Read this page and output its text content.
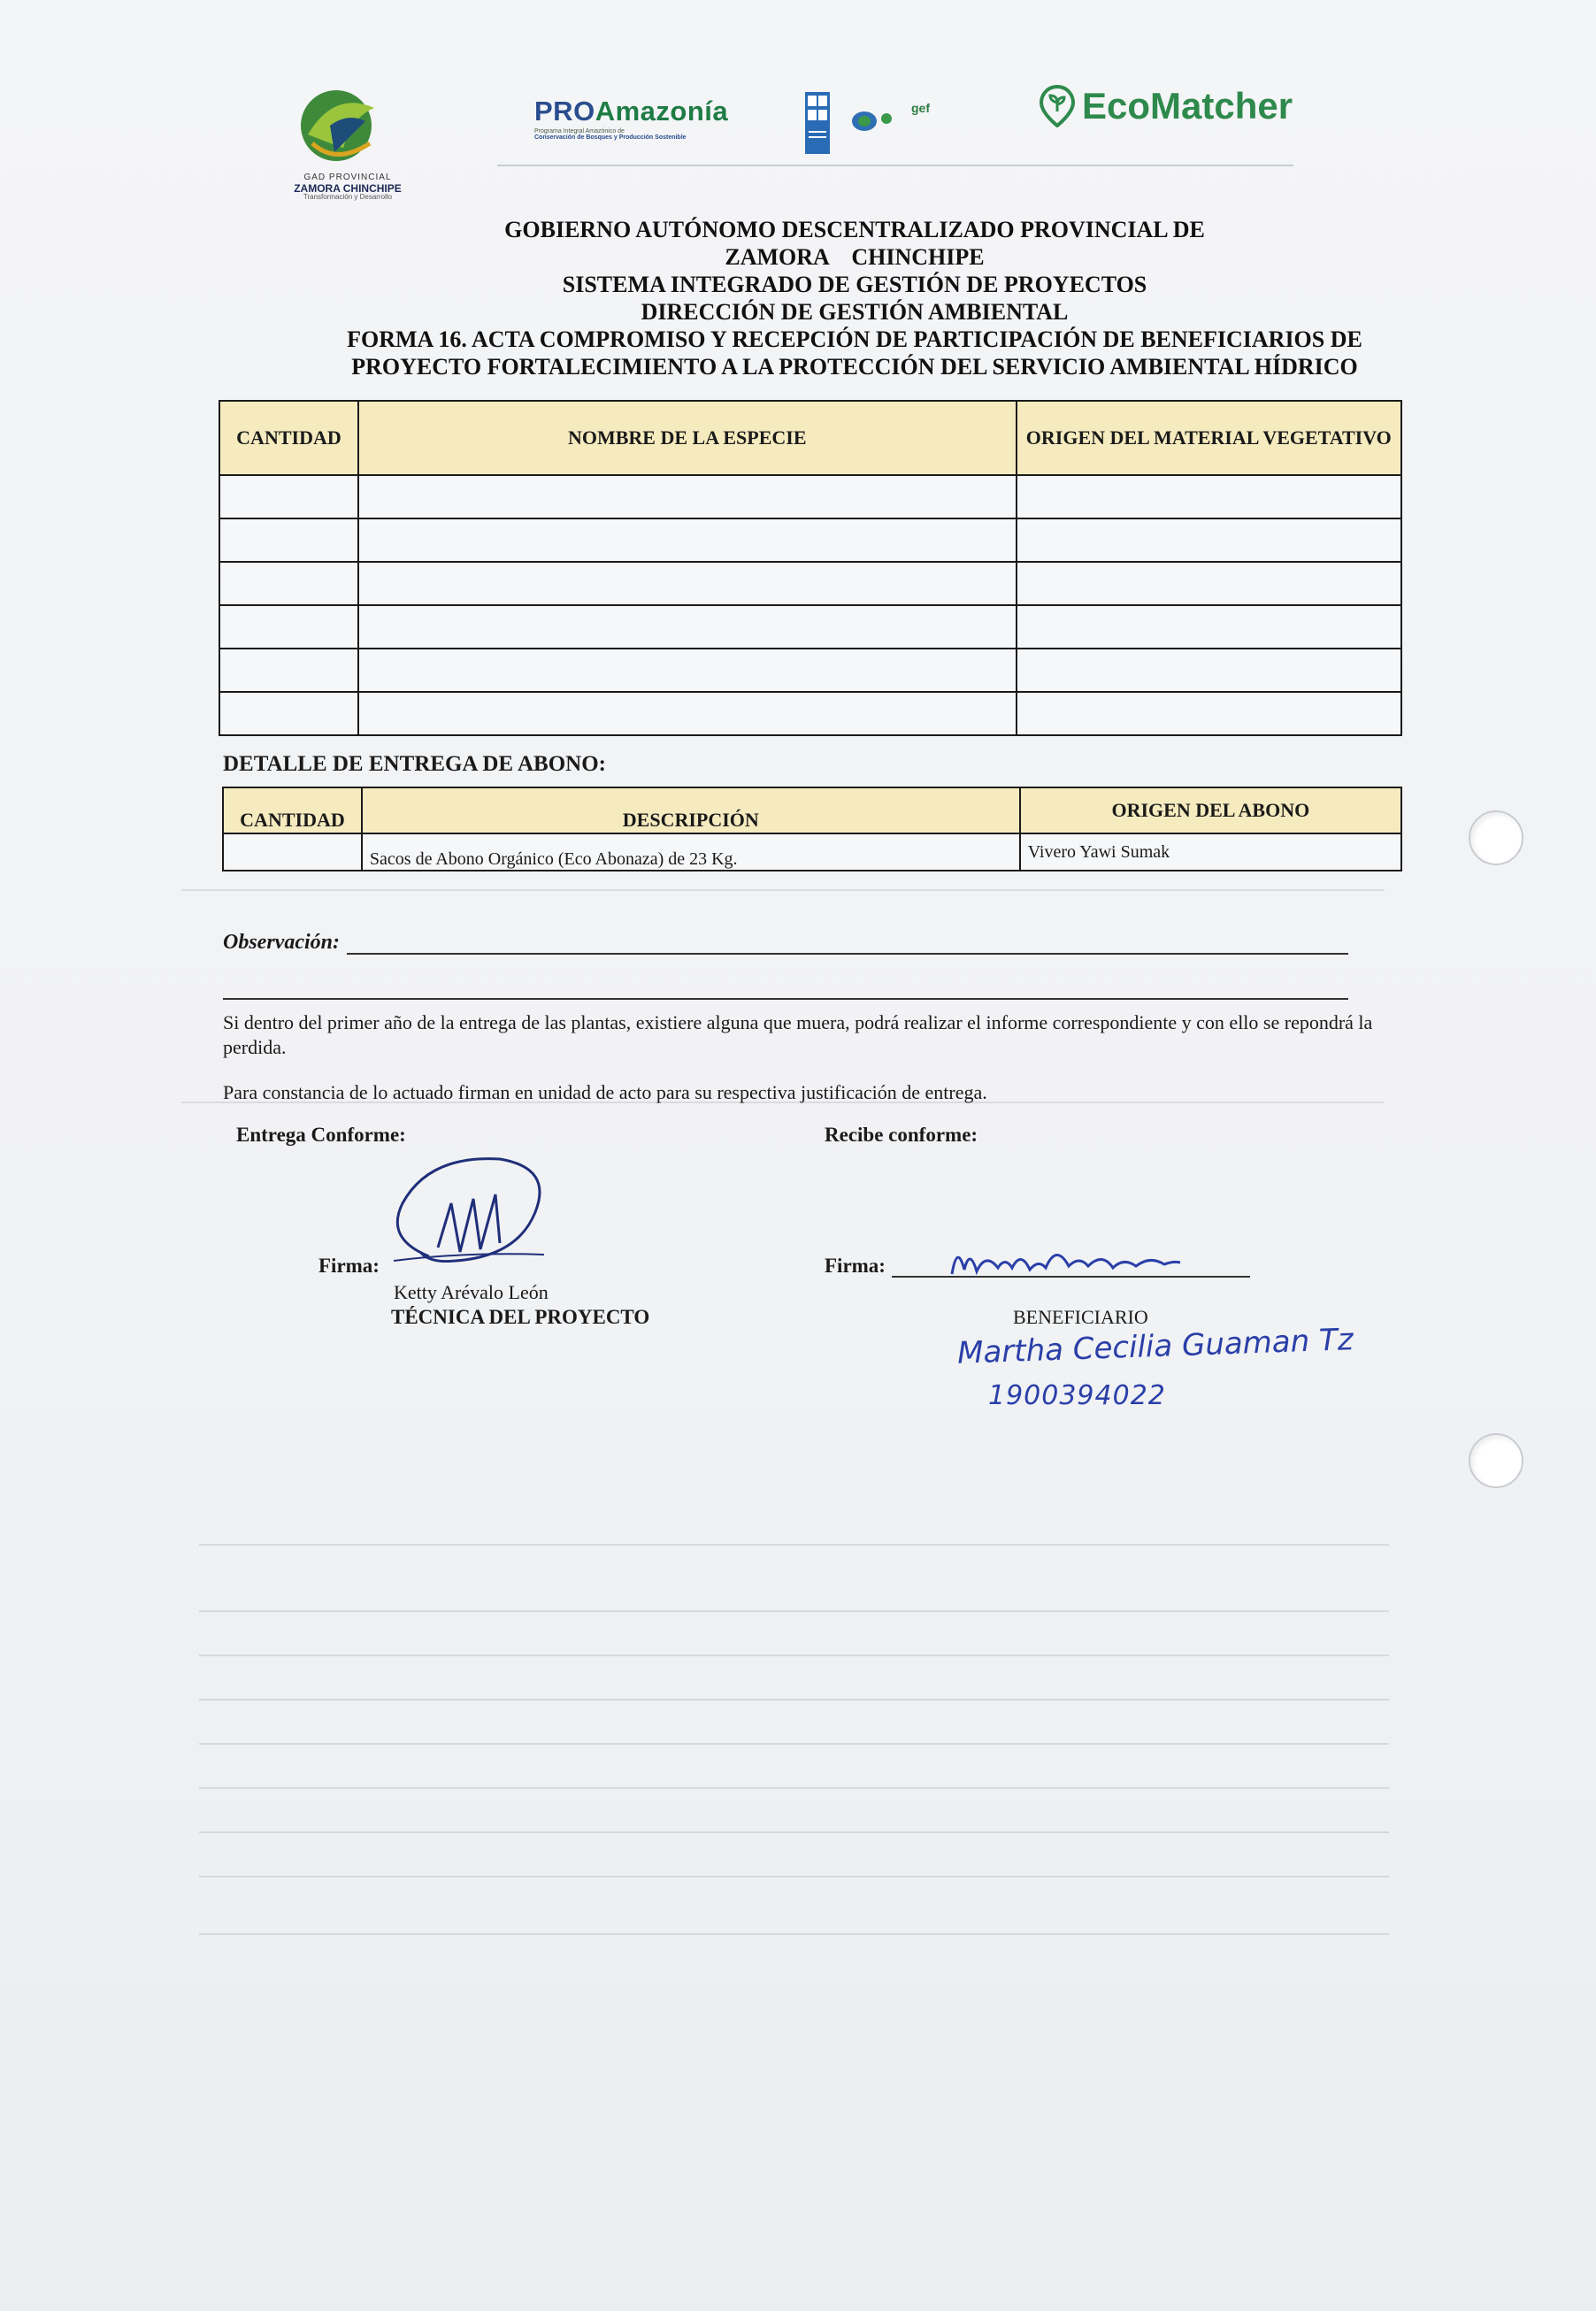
GAD PROVINCIAL
ZAMORA CHINCHIPE
Transformación y Desarrollo
PROAmazonía
Programa Integral Amazónico de
Conservación de Bosques y Producción Sostenible
gef	EcoMatcher
GOBIERNO AUTÓNOMO DESCENTRALIZADO PROVINCIAL DE
ZAMORA    CHINCHIPE
SISTEMA INTEGRADO DE GESTIÓN DE PROYECTOS
DIRECCIÓN DE GESTIÓN AMBIENTAL
FORMA 16. ACTA COMPROMISO Y RECEPCIÓN DE PARTICIPACIÓN DE BENEFICIARIOS DE
PROYECTO FORTALECIMIENTO A LA PROTECCIÓN DEL SERVICIO AMBIENTAL HÍDRICO
CANTIDAD	NOMBRE DE LA ESPECIE	ORIGEN DEL MATERIAL VEGETATIVO

DETALLE DE ENTREGA DE ABONO:
CANTIDAD	DESCRIPCIÓN	ORIGEN DEL ABONO
	Sacos de Abono Orgánico (Eco Abonaza) de 23 Kg.	Vivero Yawi Sumak
Observación:
Si dentro del primer año de la entrega de las plantas, existiere alguna que muera, podrá realizar el informe correspondiente y con ello se repondrá la perdida.
Para constancia de lo actuado firman en unidad de acto para su respectiva justificación de entrega.
Entrega Conforme:	Recibe conforme:
Firma:
Ketty Arévalo León
TÉCNICA DEL PROYECTO
Firma:
BENEFICIARIO
Martha Cecilia Guaman Tz
1900394022
